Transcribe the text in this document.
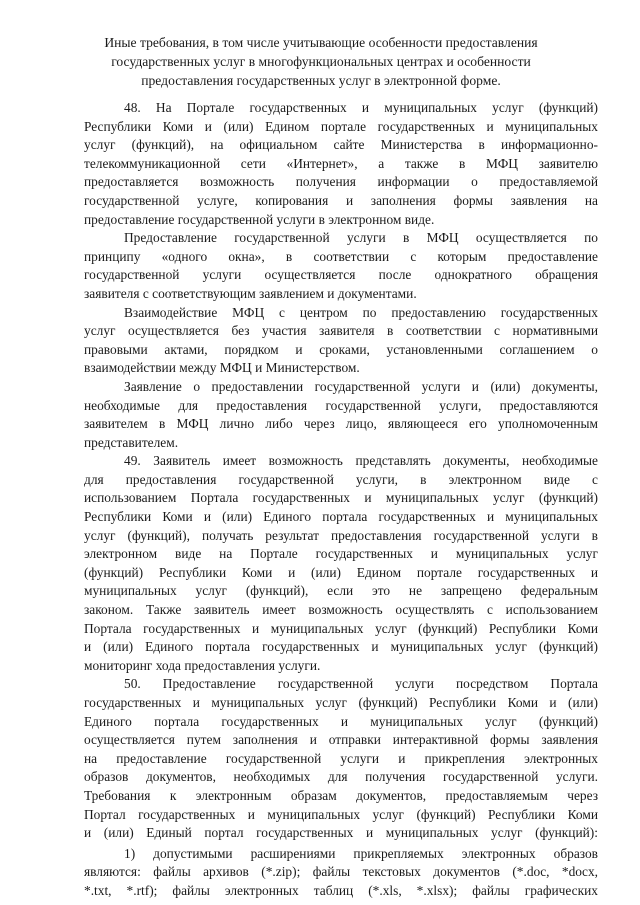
Иные требования, в том числе учитывающие особенности предоставления
государственных услуг в многофункциональных центрах и особенности
предоставления государственных услуг в электронной форме.
48. На Портале государственных и муниципальных услуг (функций)
Республики Коми и (или) Едином портале государственных и муниципальных
услуг (функций), на официальном сайте Министерства в информационно-
телекоммуникационной сети «Интернет», а также в МФЦ заявителю
предоставляется возможность получения информации о предоставляемой
государственной услуге, копирования и заполнения формы заявления на
предоставление государственной услуги в электронном виде.
Предоставление государственной услуги в МФЦ осуществляется по
принципу «одного окна», в соответствии с которым предоставление
государственной услуги осуществляется после однократного обращения
заявителя с соответствующим заявлением и документами.
Взаимодействие МФЦ с центром по предоставлению государственных
услуг осуществляется без участия заявителя в соответствии с нормативными
правовыми актами, порядком и сроками, установленными соглашением о
взаимодействии между МФЦ и Министерством.
Заявление о предоставлении государственной услуги и (или) документы,
необходимые для предоставления государственной услуги, предоставляются
заявителем в МФЦ лично либо через лицо, являющееся его уполномоченным
представителем.
49. Заявитель имеет возможность представлять документы, необходимые
для предоставления государственной услуги, в электронном виде с
использованием Портала государственных и муниципальных услуг (функций)
Республики Коми и (или) Единого портала государственных и муниципальных
услуг (функций), получать результат предоставления государственной услуги в
электронном виде на Портале государственных и муниципальных услуг
(функций) Республики Коми и (или) Едином портале государственных и
муниципальных услуг (функций), если это не запрещено федеральным
законом. Также заявитель имеет возможность осуществлять с использованием
Портала государственных и муниципальных услуг (функций) Республики Коми
и (или) Единого портала государственных и муниципальных услуг (функций)
мониторинг хода предоставления услуги.
50. Предоставление государственной услуги посредством Портала
государственных и муниципальных услуг (функций) Республики Коми и (или)
Единого портала государственных и муниципальных услуг (функций)
осуществляется путем заполнения и отправки интерактивной формы заявления
на предоставление государственной услуги и прикрепления электронных
образов документов, необходимых для получения государственной услуги.
Требования к электронным образам документов, предоставляемым через
Портал государственных и муниципальных услуг (функций) Республики Коми
и (или) Единый портал государственных и муниципальных услуг (функций):
1) допустимыми расширениями прикрепляемых электронных образов
являются: файлы архивов (*.zip); файлы текстовых документов (*.doc, *docx,
*.txt, *.rtf); файлы электронных таблиц (*.xls, *.xlsx); файлы графических
